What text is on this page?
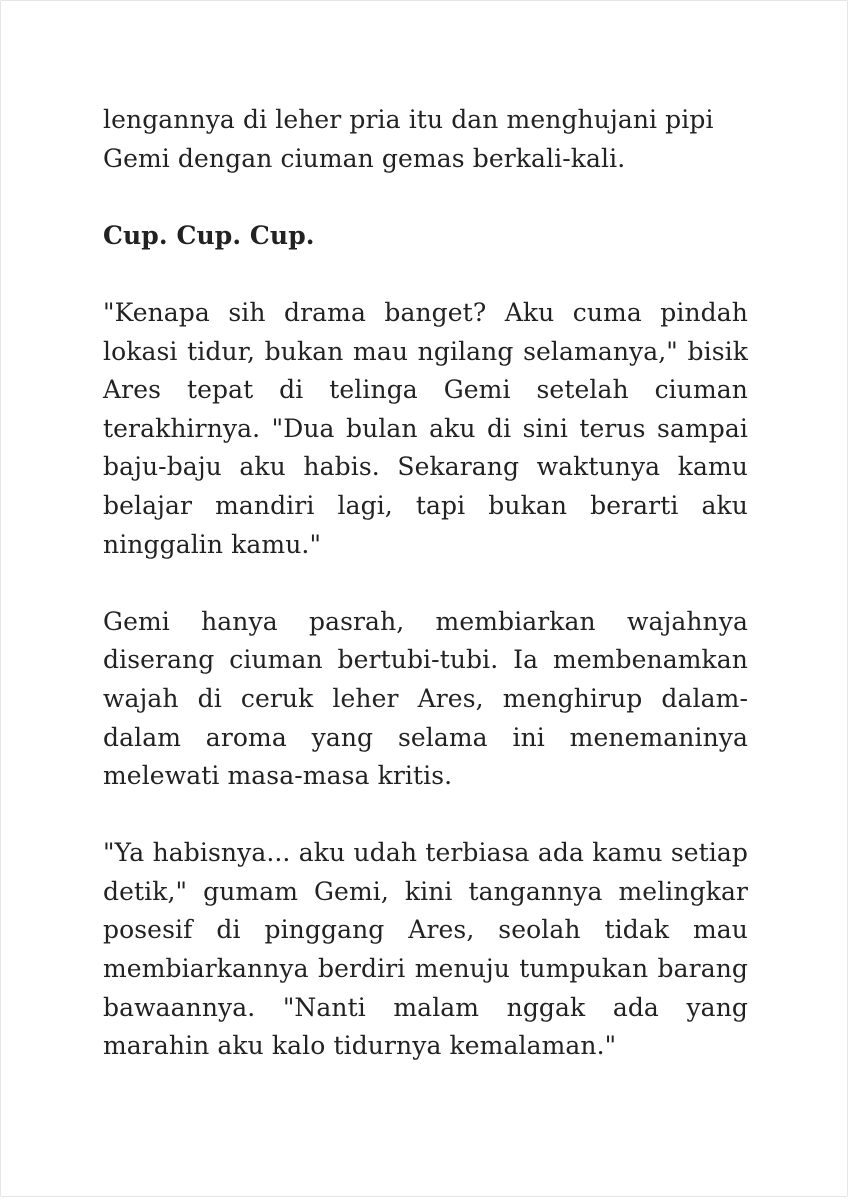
lengannya di leher pria itu dan menghujani pipi Gemi dengan ciuman gemas berkali-kali.

Cup. Cup. Cup.

"Kenapa sih drama banget? Aku cuma pindah lokasi tidur, bukan mau ngilang selamanya," bisik Ares tepat di telinga Gemi setelah ciuman terakhirnya. "Dua bulan aku di sini terus sampai baju-baju aku habis. Sekarang waktunya kamu belajar mandiri lagi, tapi bukan berarti aku ninggalin kamu."

Gemi hanya pasrah, membiarkan wajahnya diserang ciuman bertubi-tubi. Ia membenamkan wajah di ceruk leher Ares, menghirup dalam-dalam aroma yang selama ini menemaninya melewati masa-masa kritis.

"Ya habisnya... aku udah terbiasa ada kamu setiap detik," gumam Gemi, kini tangannya melingkar posesif di pinggang Ares, seolah tidak mau membiarkannya berdiri menuju tumpukan barang bawaannya. "Nanti malam nggak ada yang marahin aku kalo tidurnya kemalaman."
